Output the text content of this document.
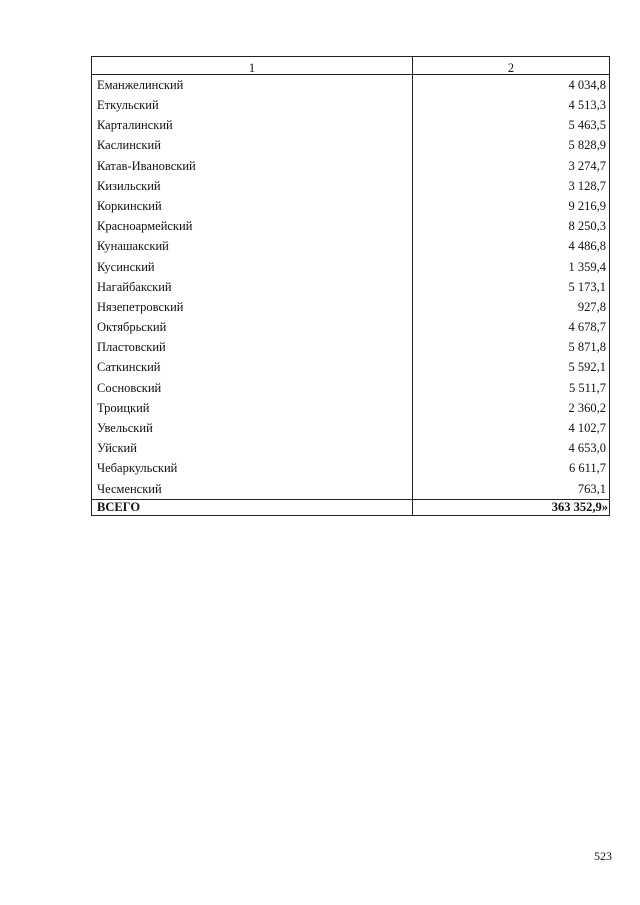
1	2
Еманжелинский	4 034,8
Еткульский	4 513,3
Карталинский	5 463,5
Каслинский	5 828,9
Катав-Ивановский	3 274,7
Кизильский	3 128,7
Коркинский	9 216,9
Красноармейский	8 250,3
Кунашакский	4 486,8
Кусинский	1 359,4
Нагайбакский	5 173,1
Нязепетровский	927,8
Октябрьский	4 678,7
Пластовский	5 871,8
Саткинский	5 592,1
Сосновский	5 511,7
Троицкий	2 360,2
Увельский	4 102,7
Уйский	4 653,0
Чебаркульский	6 611,7
Чесменский	763,1
ВСЕГО	363 352,9»
523
